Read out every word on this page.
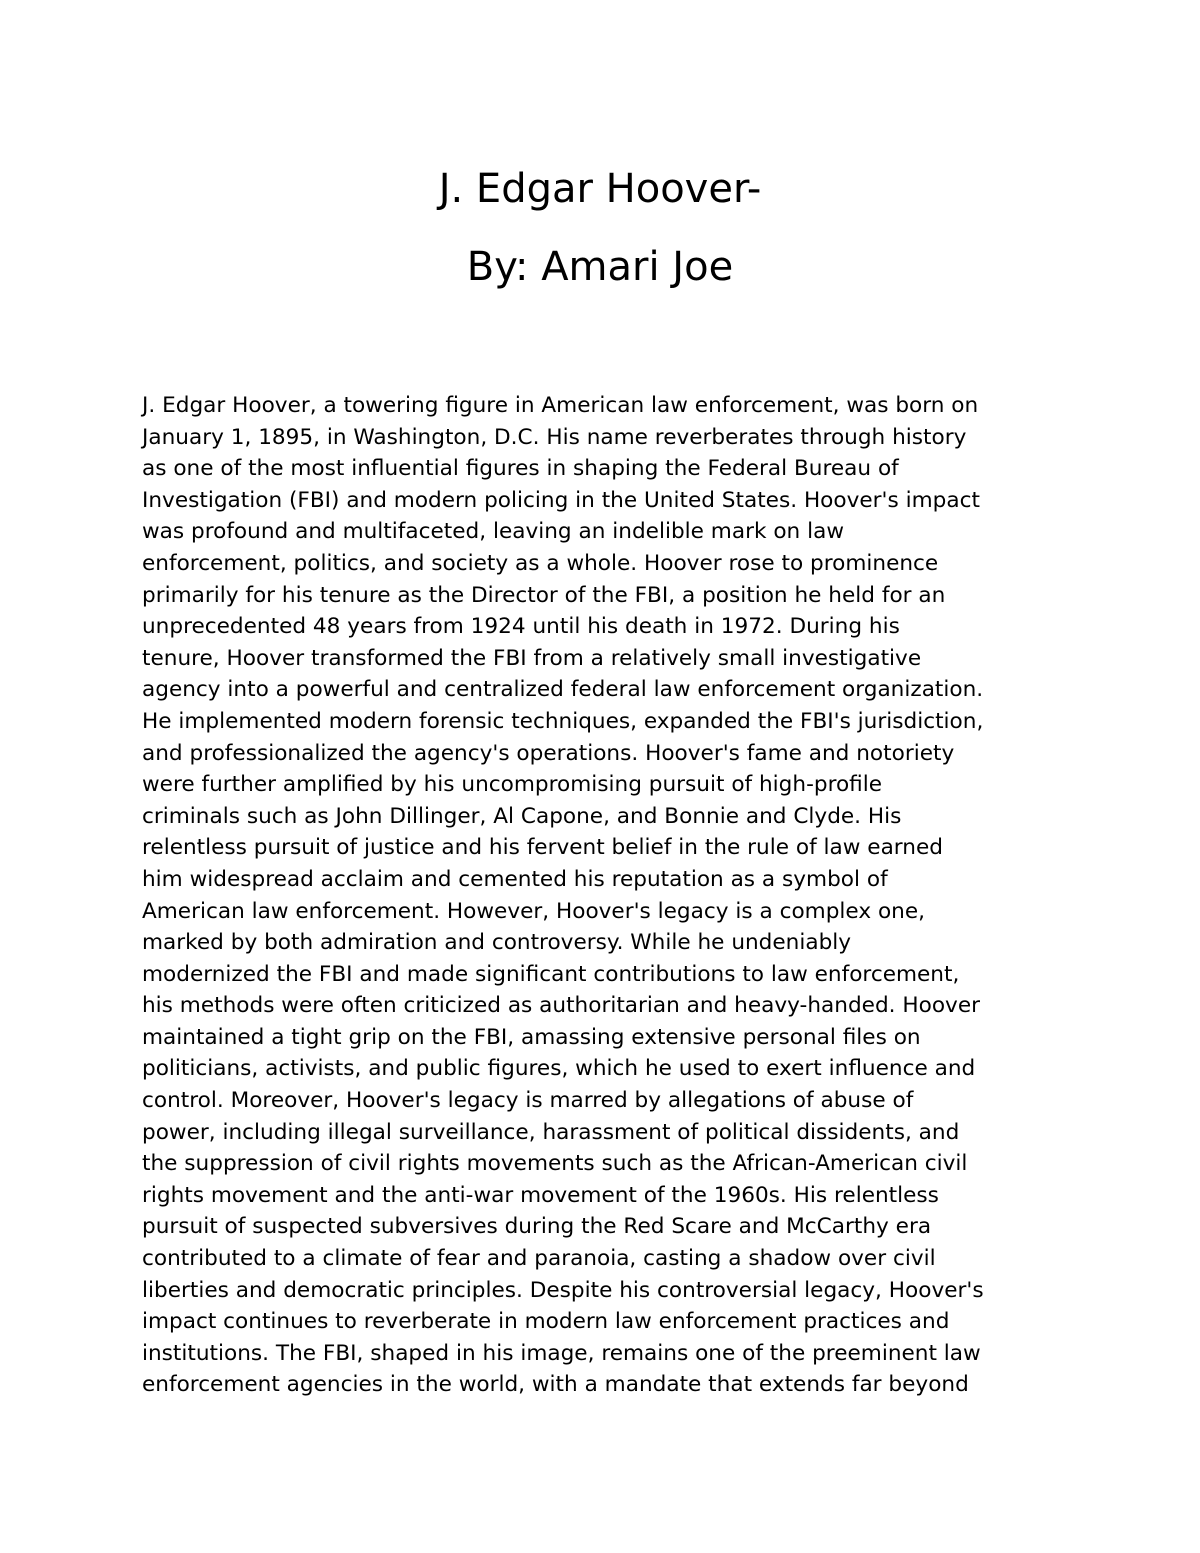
J. Edgar Hoover-
By: Amari Joe
J. Edgar Hoover, a towering figure in American law enforcement, was born on
January 1, 1895, in Washington, D.C. His name reverberates through history
as one of the most influential figures in shaping the Federal Bureau of
Investigation (FBI) and modern policing in the United States. Hoover's impact
was profound and multifaceted, leaving an indelible mark on law
enforcement, politics, and society as a whole. Hoover rose to prominence
primarily for his tenure as the Director of the FBI, a position he held for an
unprecedented 48 years from 1924 until his death in 1972. During his
tenure, Hoover transformed the FBI from a relatively small investigative
agency into a powerful and centralized federal law enforcement organization.
He implemented modern forensic techniques, expanded the FBI's jurisdiction,
and professionalized the agency's operations. Hoover's fame and notoriety
were further amplified by his uncompromising pursuit of high-profile
criminals such as John Dillinger, Al Capone, and Bonnie and Clyde. His
relentless pursuit of justice and his fervent belief in the rule of law earned
him widespread acclaim and cemented his reputation as a symbol of
American law enforcement. However, Hoover's legacy is a complex one,
marked by both admiration and controversy. While he undeniably
modernized the FBI and made significant contributions to law enforcement,
his methods were often criticized as authoritarian and heavy-handed. Hoover
maintained a tight grip on the FBI, amassing extensive personal files on
politicians, activists, and public figures, which he used to exert influence and
control. Moreover, Hoover's legacy is marred by allegations of abuse of
power, including illegal surveillance, harassment of political dissidents, and
the suppression of civil rights movements such as the African-American civil
rights movement and the anti-war movement of the 1960s. His relentless
pursuit of suspected subversives during the Red Scare and McCarthy era
contributed to a climate of fear and paranoia, casting a shadow over civil
liberties and democratic principles. Despite his controversial legacy, Hoover's
impact continues to reverberate in modern law enforcement practices and
institutions. The FBI, shaped in his image, remains one of the preeminent law
enforcement agencies in the world, with a mandate that extends far beyond
